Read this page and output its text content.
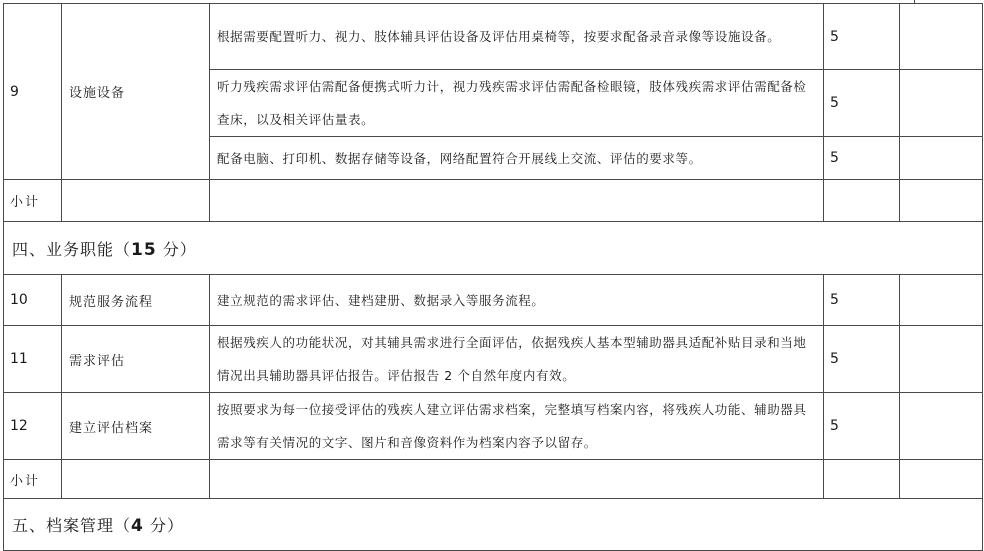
9	设施设备	根据需要配置听力、视力、肢体辅具评估设备及评估用桌椅等，按要求配备录音录像等设施设备。	5	
		听力残疾需求评估需配备便携式听力计，视力残疾需求评估需配备检眼镜，肢体残疾需求评估需配备检查床，以及相关评估量表。	5	
		配备电脑、打印机、数据存储等设备，网络配置符合开展线上交流、评估的要求等。	5	
小计				
四、业务职能（15 分）				
10	规范服务流程	建立规范的需求评估、建档建册、数据录入等服务流程。	5	
11	需求评估	根据残疾人的功能状况，对其辅具需求进行全面评估，依据残疾人基本型辅助器具适配补贴目录和当地情况出具辅助器具评估报告。评估报告 2 个自然年度内有效。	5	
12	建立评估档案	按照要求为每一位接受评估的残疾人建立评估需求档案，完整填写档案内容，将残疾人功能、辅助器具需求等有关情况的文字、图片和音像资料作为档案内容予以留存。	5	
小计				
五、档案管理（4 分）				
